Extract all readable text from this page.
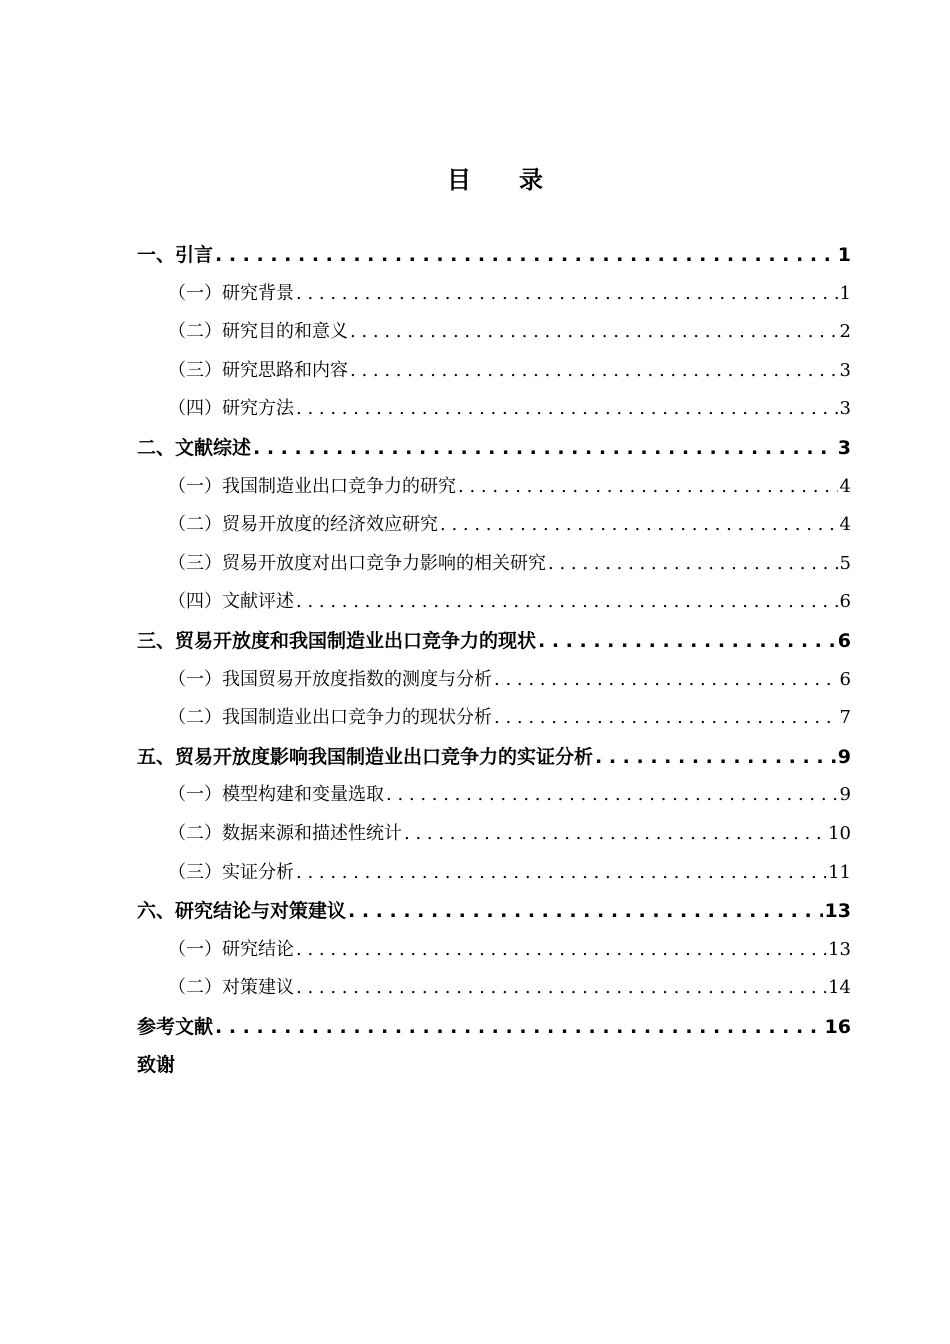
目　　录
一、引言 . . .	1
（一）研究背景 . . .	1
（二）研究目的和意义 . . .	2
（三）研究思路和内容 . . .	3
（四）研究方法 . . .	3
二、文献综述 . . .	3
（一）我国制造业出口竞争力的研究 . . .	4
（二）贸易开放度的经济效应研究 . . .	4
（三）贸易开放度对出口竞争力影响的相关研究 . . .	5
（四）文献评述 . . .	6
三、贸易开放度和我国制造业出口竞争力的现状 . . .	6
（一）我国贸易开放度指数的测度与分析 . . .	6
（二）我国制造业出口竞争力的现状分析 . . .	7
五、贸易开放度影响我国制造业出口竞争力的实证分析 . . .	9
（一）模型构建和变量选取 . . .	9
（二）数据来源和描述性统计 . . .	10
（三）实证分析 . . .	11
六、研究结论与对策建议 . . .	13
（一）研究结论 . . .	13
（二）对策建议 . . .	14
参考文献 . . .	16
致谢
